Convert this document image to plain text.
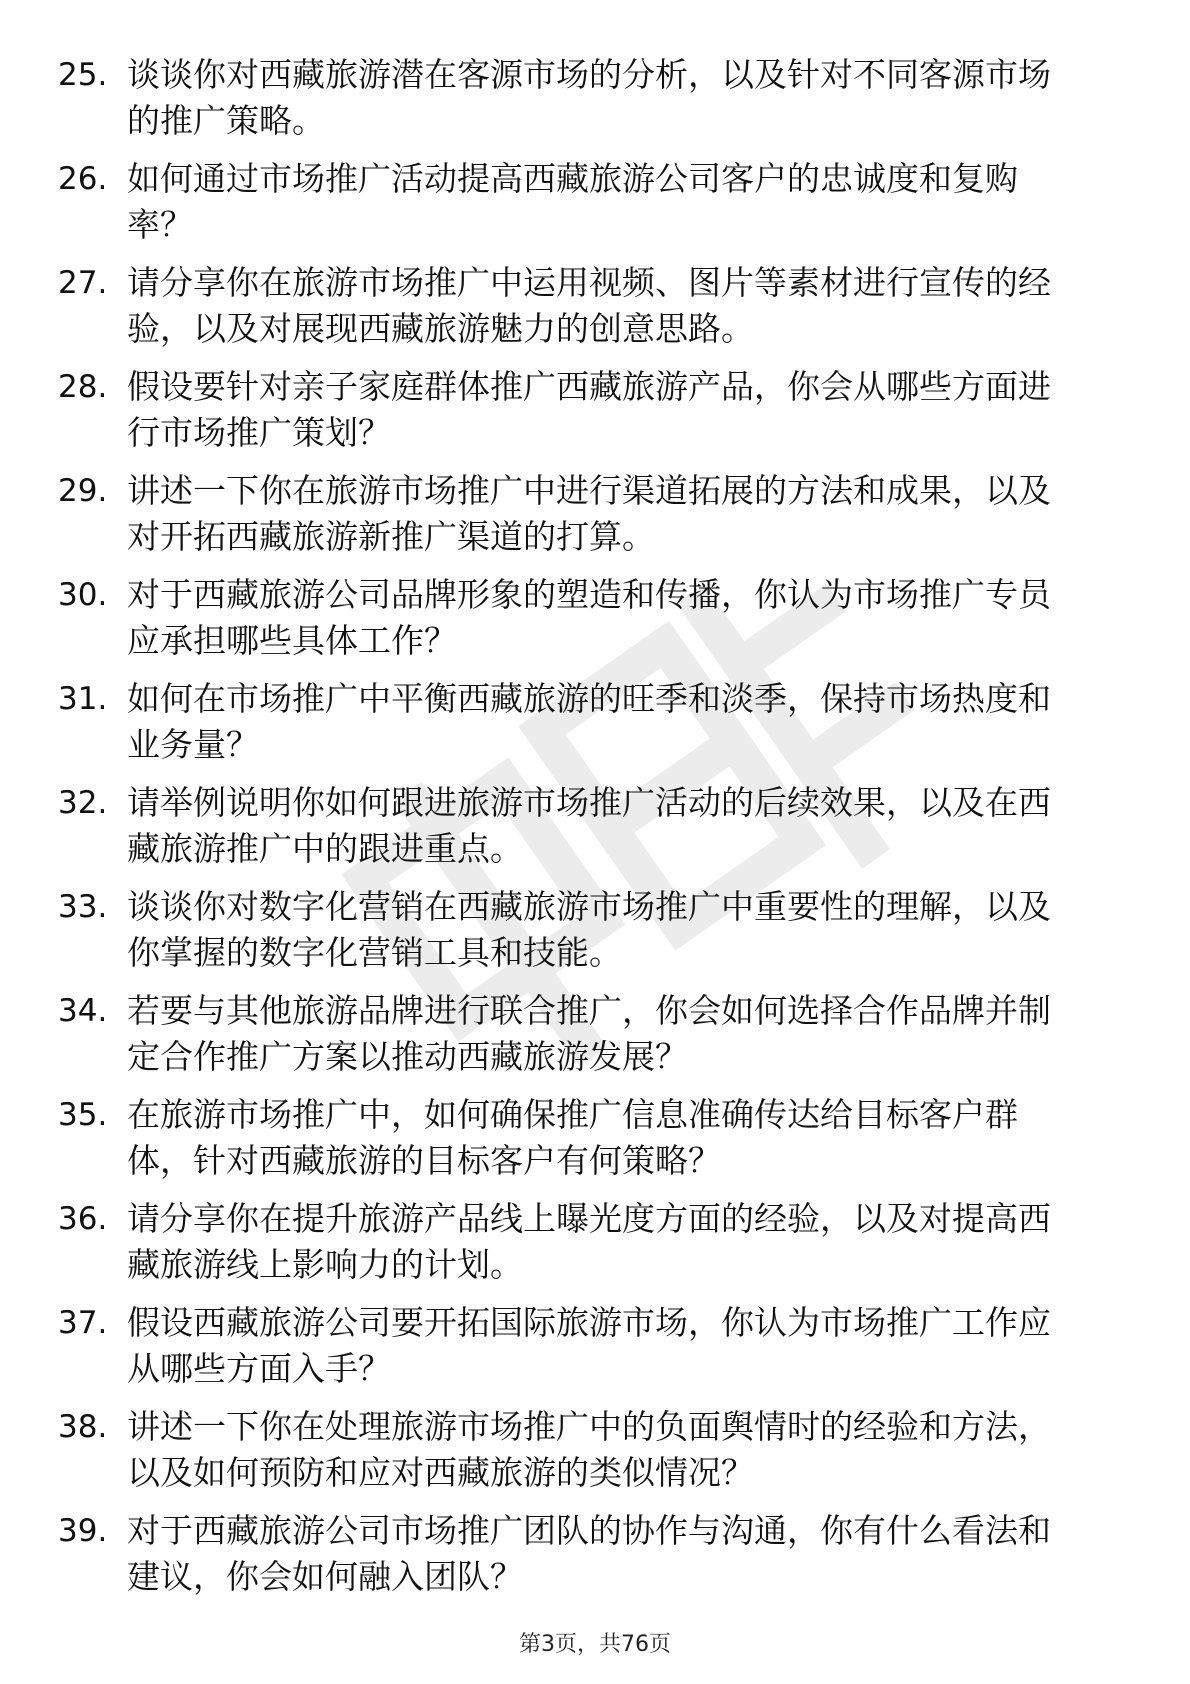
25. 谈谈你对西藏旅游潜在客源市场的分析，以及针对不同客源市场
的推广策略。
26. 如何通过市场推广活动提高西藏旅游公司客户的忠诚度和复购
率？
27. 请分享你在旅游市场推广中运用视频、图片等素材进行宣传的经
验，以及对展现西藏旅游魅力的创意思路。
28. 假设要针对亲子家庭群体推广西藏旅游产品，你会从哪些方面进
行市场推广策划？
29. 讲述一下你在旅游市场推广中进行渠道拓展的方法和成果，以及
对开拓西藏旅游新推广渠道的打算。
30. 对于西藏旅游公司品牌形象的塑造和传播，你认为市场推广专员
应承担哪些具体工作？
31. 如何在市场推广中平衡西藏旅游的旺季和淡季，保持市场热度和
业务量？
32. 请举例说明你如何跟进旅游市场推广活动的后续效果，以及在西
藏旅游推广中的跟进重点。
33. 谈谈你对数字化营销在西藏旅游市场推广中重要性的理解，以及
你掌握的数字化营销工具和技能。
34. 若要与其他旅游品牌进行联合推广，你会如何选择合作品牌并制
定合作推广方案以推动西藏旅游发展？
35. 在旅游市场推广中，如何确保推广信息准确传达给目标客户群
体，针对西藏旅游的目标客户有何策略？
36. 请分享你在提升旅游产品线上曝光度方面的经验，以及对提高西
藏旅游线上影响力的计划。
37. 假设西藏旅游公司要开拓国际旅游市场，你认为市场推广工作应
从哪些方面入手？
38. 讲述一下你在处理旅游市场推广中的负面舆情时的经验和方法，
以及如何预防和应对西藏旅游的类似情况？
39. 对于西藏旅游公司市场推广团队的协作与沟通，你有什么看法和
建议，你会如何融入团队？
第3页，共76页
